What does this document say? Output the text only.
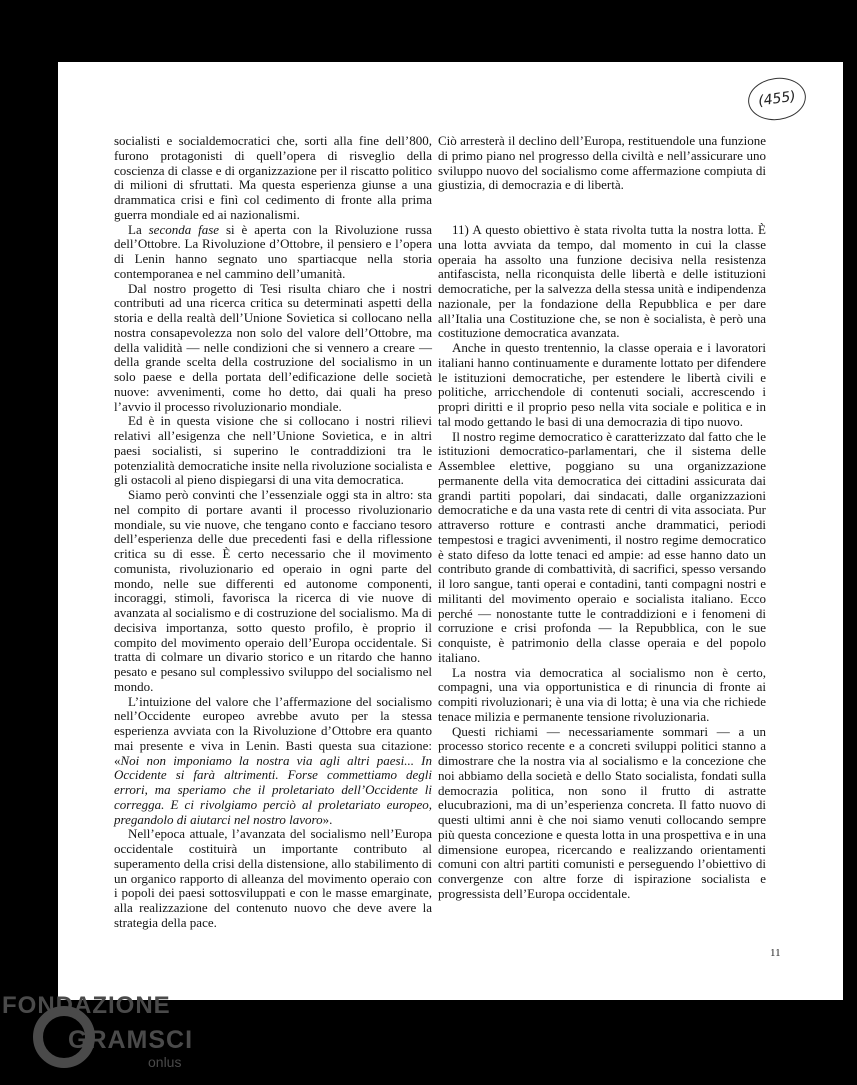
(455)

socialisti e socialdemocratici che, sorti alla fine dell’800, furono protagonisti di quell’opera di risveglio della coscienza di classe e di organizzazione per il riscatto politico di milioni di sfruttati. Ma questa esperienza giunse a una drammatica crisi e finì col cedimento di fronte alla prima guerra mondiale ed ai nazionalismi.

La seconda fase si è aperta con la Rivoluzione russa dell’Ottobre. La Rivoluzione d’Ottobre, il pensiero e l’opera di Lenin hanno segnato uno spartiacque nella storia contemporanea e nel cammino dell’umanità.

Dal nostro progetto di Tesi risulta chiaro che i nostri contributi ad una ricerca critica su determinati aspetti della storia e della realtà dell’Unione Sovietica si collocano nella nostra consapevolezza non solo del valore dell’Ottobre, ma della validità — nelle condizioni che si vennero a creare — della grande scelta della costruzione del socialismo in un solo paese e della portata dell’edificazione delle società nuove: avvenimenti, come ho detto, dai quali ha preso l’avvio il processo rivoluzionario mondiale.

Ed è in questa visione che si collocano i nostri rilievi relativi all’esigenza che nell’Unione Sovietica, e in altri paesi socialisti, si superino le contraddizioni tra le potenzialità democratiche insite nella rivoluzione socialista e gli ostacoli al pieno dispiegarsi di una vita democratica.

Siamo però convinti che l’essenziale oggi sta in altro: sta nel compito di portare avanti il processo rivoluzionario mondiale, su vie nuove, che tengano conto e facciano tesoro dell’esperienza delle due precedenti fasi e della riflessione critica su di esse. È certo necessario che il movimento comunista, rivoluzionario ed operaio in ogni parte del mondo, nelle sue differenti ed autonome componenti, incoraggi, stimoli, favorisca la ricerca di vie nuove di avanzata al socialismo e di costruzione del socialismo. Ma di decisiva importanza, sotto questo profilo, è proprio il compito del movimento operaio dell’Europa occidentale. Si tratta di colmare un divario storico e un ritardo che hanno pesato e pesano sul complessivo sviluppo del socialismo nel mondo.

L’intuizione del valore che l’affermazione del socialismo nell’Occidente europeo avrebbe avuto per la stessa esperienza avviata con la Rivoluzione d’Ottobre era quanto mai presente e viva in Lenin. Basti questa sua citazione: «Noi non imponiamo la nostra via agli altri paesi... In Occidente si farà altrimenti. Forse commettiamo degli errori, ma speriamo che il proletariato dell’Occidente li corregga. E ci rivolgiamo perciò al proletariato europeo, pregandolo di aiutarci nel nostro lavoro».

Nell’epoca attuale, l’avanzata del socialismo nell’Europa occidentale costituirà un importante contributo al superamento della crisi della distensione, allo stabilimento di un organico rapporto di alleanza del movimento operaio con i popoli dei paesi sottosviluppati e con le masse emarginate, alla realizzazione del contenuto nuovo che deve avere la strategia della pace.

Ciò arresterà il declino dell’Europa, restituendole una funzione di primo piano nel progresso della civiltà e nell’assicurare uno sviluppo nuovo del socialismo come affermazione compiuta di giustizia, di democrazia e di libertà.

11) A questo obiettivo è stata rivolta tutta la nostra lotta. È una lotta avviata da tempo, dal momento in cui la classe operaia ha assolto una funzione decisiva nella resistenza antifascista, nella riconquista delle libertà e delle istituzioni democratiche, per la salvezza della stessa unità e indipendenza nazionale, per la fondazione della Repubblica e per dare all’Italia una Costituzione che, se non è socialista, è però una costituzione democratica avanzata.

Anche in questo trentennio, la classe operaia e i lavoratori italiani hanno continuamente e duramente lottato per difendere le istituzioni democratiche, per estendere le libertà civili e politiche, arricchendole di contenuti sociali, accrescendo i propri diritti e il proprio peso nella vita sociale e politica e in tal modo gettando le basi di una democrazia di tipo nuovo.

Il nostro regime democratico è caratterizzato dal fatto che le istituzioni democratico-parlamentari, che il sistema delle Assemblee elettive, poggiano su una organizzazione permanente della vita democratica dei cittadini assicurata dai grandi partiti popolari, dai sindacati, dalle organizzazioni democratiche e da una vasta rete di centri di vita associata. Pur attraverso rotture e contrasti anche drammatici, periodi tempestosi e tragici avvenimenti, il nostro regime democratico è stato difeso da lotte tenaci ed ampie: ad esse hanno dato un contributo grande di combattività, di sacrifici, spesso versando il loro sangue, tanti operai e contadini, tanti compagni nostri e militanti del movimento operaio e socialista italiano. Ecco perché — nonostante tutte le contraddizioni e i fenomeni di corruzione e crisi profonda — la Repubblica, con le sue conquiste, è patrimonio della classe operaia e del popolo italiano.

La nostra via democratica al socialismo non è certo, compagni, una via opportunistica e di rinuncia di fronte ai compiti rivoluzionari; è una via di lotta; è una via che richiede tenace milizia e permanente tensione rivoluzionaria.

Questi richiami — necessariamente sommari — a un processo storico recente e a concreti sviluppi politici stanno a dimostrare che la nostra via al socialismo e la concezione che noi abbiamo della società e dello Stato socialista, fondati sulla democrazia politica, non sono il frutto di astratte elucubrazioni, ma di un’esperienza concreta. Il fatto nuovo di questi ultimi anni è che noi siamo venuti collocando sempre più questa concezione e questa lotta in una prospettiva e in una dimensione europea, ricercando e realizzando orientamenti comuni con altri partiti comunisti e perseguendo l’obiettivo di convergenze con altre forze di ispirazione socialista e progressista dell’Europa occidentale.

11
FONDAZIONE
GRAMSCI
onlus
